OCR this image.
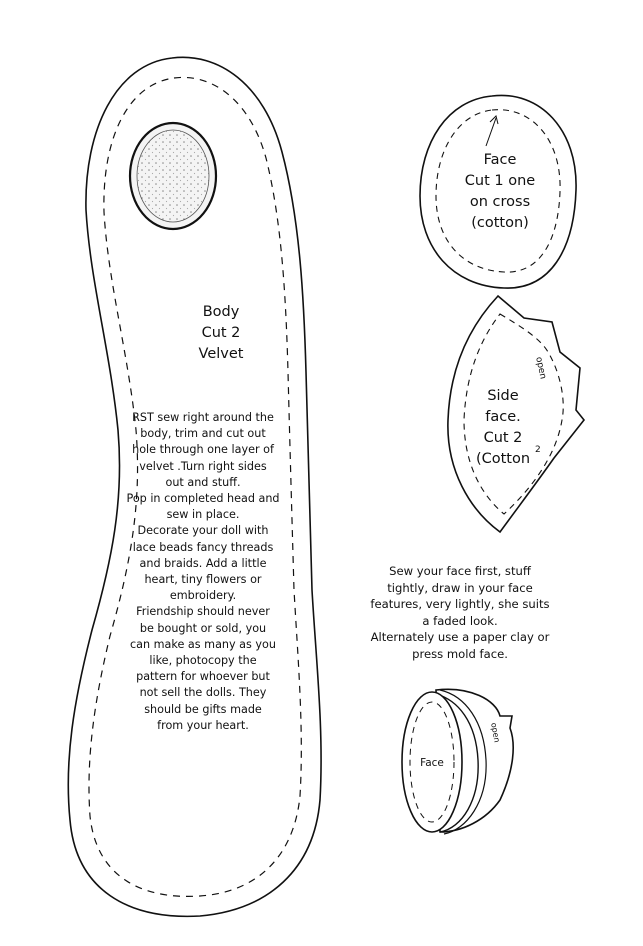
Body
Cut 2
Velvet
RST sew right around the
body, trim and cut out
hole through one layer of
velvet .Turn right sides
out and stuff.
Pop in completed head and
sew in place.
Decorate your doll with
lace beads fancy threads
and braids. Add a little
heart, tiny flowers or
embroidery.
Friendship should never
be bought or sold, you
can make as many as you
like, photocopy the
pattern for whoever but
not sell the dolls. They
should be gifts made
from your heart.
Face
Cut 1 one
on cross
(cotton)
Side
face.
Cut 2
(Cotton
2
open
Sew your face first, stuff
tightly, draw in your face
features, very lightly, she suits
a faded look.
Alternately use a paper clay or
press mold face.
Face
open
